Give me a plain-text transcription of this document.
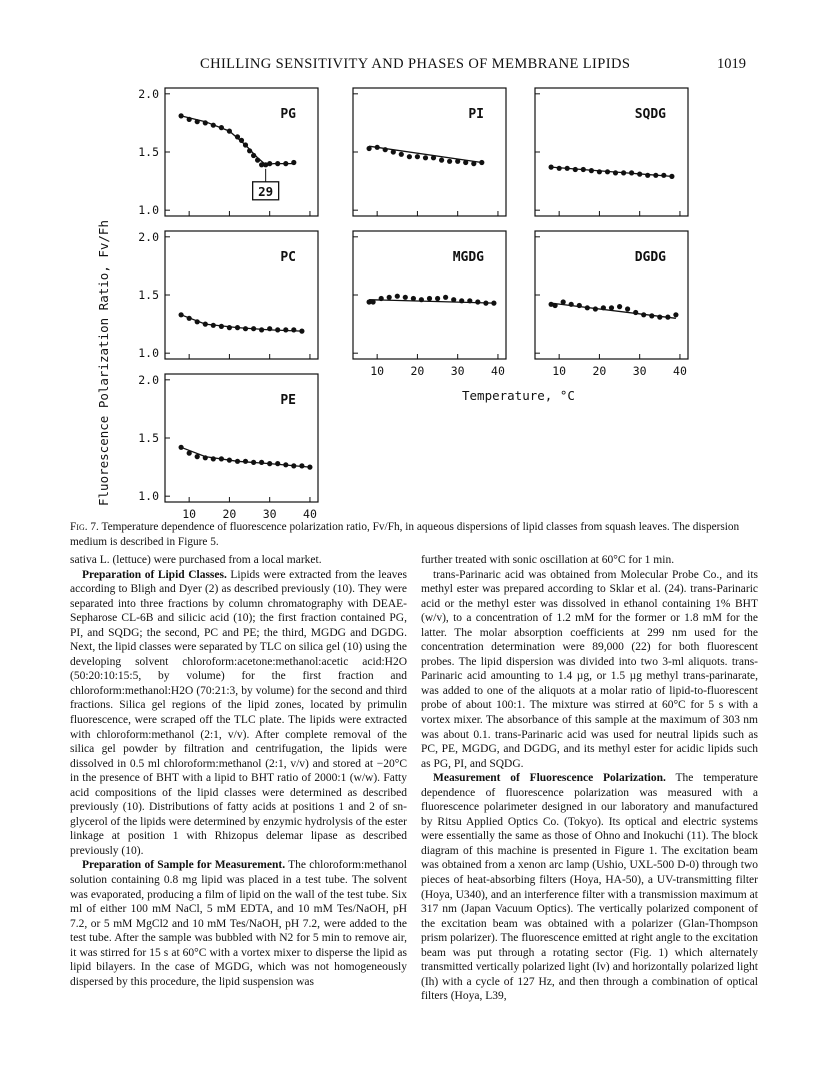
CHILLING SENSITIVITY AND PHASES OF MEMBRANE LIPIDS	1019
2.0
1.5
1.0
PG
29
PI	SQDG
2.0
1.5
1.0
PC
10 20 30 40
MGDG
10 20 30 40
DGDG
2.0
1.5
1.0
10 20 30 40
PE
Fluorescence Polarization Ratio, Fv/Fh	Temperature, °C
Fig. 7. Temperature dependence of fluorescence polarization ratio, Fv/Fh, in aqueous dispersions of lipid classes from squash leaves. The dispersion medium is described in Figure 5.

sativa L. (lettuce) were purchased from a local market.

Preparation of Lipid Classes. Lipids were extracted from the leaves according to Bligh and Dyer (2) as described previously (10). They were separated into three fractions by column chromatography with DEAE-Sepharose CL-6B and silicic acid (10); the first fraction contained PG, PI, and SQDG; the second, PC and PE; the third, MGDG and DGDG. Next, the lipid classes were separated by TLC on silica gel (10) using the developing solvent chloroform:acetone:methanol:acetic acid:H2O (50:20:10:15:5, by volume) for the first fraction and chloroform:methanol:H2O (70:21:3, by volume) for the second and third fractions. Silica gel regions of the lipid zones, located by primulin fluorescence, were scraped off the TLC plate. The lipids were extracted with chloroform:methanol (2:1, v/v). After complete removal of the silica gel powder by filtration and centrifugation, the lipids were dissolved in 0.5 ml chloroform:methanol (2:1, v/v) and stored at −20°C in the presence of BHT with a lipid to BHT ratio of 2000:1 (w/w). Fatty acid compositions of the lipid classes were determined as described previously (10). Distributions of fatty acids at positions 1 and 2 of sn-glycerol of the lipids were determined by enzymic hydrolysis of the ester linkage at position 1 with Rhizopus delemar lipase as described previously (10).

Preparation of Sample for Measurement. The chloroform:methanol solution containing 0.8 mg lipid was placed in a test tube. The solvent was evaporated, producing a film of lipid on the wall of the test tube. Six ml of either 100 mM NaCl, 5 mM EDTA, and 10 mM Tes/NaOH, pH 7.2, or 5 mM MgCl2 and 10 mM Tes/NaOH, pH 7.2, were added to the test tube. After the sample was bubbled with N2 for 5 min to remove air, it was stirred for 15 s at 60°C with a vortex mixer to disperse the lipid as lipid bilayers. In the case of MGDG, which was not homogeneously dispersed by this procedure, the lipid suspension was

further treated with sonic oscillation at 60°C for 1 min.

trans-Parinaric acid was obtained from Molecular Probe Co., and its methyl ester was prepared according to Sklar et al. (24). trans-Parinaric acid or the methyl ester was dissolved in ethanol containing 1% BHT (w/v), to a concentration of 1.2 mM for the former or 1.8 mM for the latter. The molar absorption coefficients at 299 nm used for the concentration determination were 89,000 (22) for both fluorescent probes. The lipid dispersion was divided into two 3-ml aliquots. trans-Parinaric acid amounting to 1.4 µg, or 1.5 µg methyl trans-parinarate, was added to one of the aliquots at a molar ratio of lipid-to-fluorescent probe of about 100:1. The mixture was stirred at 60°C for 5 s with a vortex mixer. The absorbance of this sample at the maximum of 303 nm was about 0.1. trans-Parinaric acid was used for neutral lipids such as PC, PE, MGDG, and DGDG, and its methyl ester for acidic lipids such as PG, PI, and SQDG.

Measurement of Fluorescence Polarization. The temperature dependence of fluorescence polarization was measured with a fluorescence polarimeter designed in our laboratory and manufactured by Ritsu Applied Optics Co. (Tokyo). Its optical and electric systems were essentially the same as those of Ohno and Inokuchi (11). The block diagram of this machine is presented in Figure 1. The excitation beam was obtained from a xenon arc lamp (Ushio, UXL-500 D-0) through two pieces of heat-absorbing filters (Hoya, HA-50), a UV-transmitting filter (Hoya, U340), and an interference filter with a transmission maximum at 317 nm (Japan Vacuum Optics). The vertically polarized component of the excitation beam was obtained with a polarizer (Glan-Thompson prism polarizer). The fluorescence emitted at right angle to the excitation beam was put through a rotating sector (Fig. 1) which alternately transmitted vertically polarized light (Iv) and horizontally polarized light (Ih) with a cycle of 127 Hz, and then through a combination of optical filters (Hoya, L39,
